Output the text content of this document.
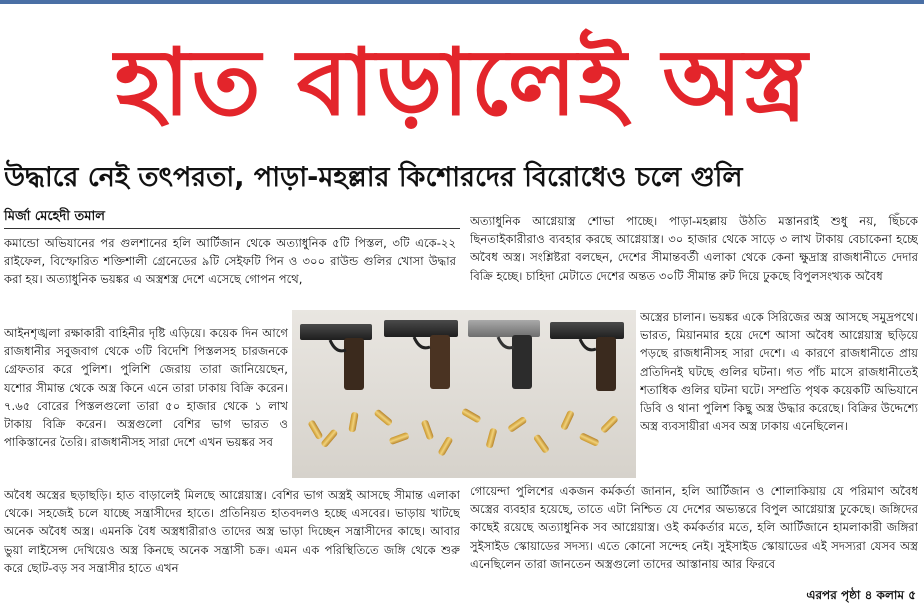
হাত বাড়ালেই অস্ত্র
উদ্ধারে নেই তৎপরতা, পাড়া-মহল্লার কিশোরদের বিরোধেও চলে গুলি
মির্জা মেহেদী তমাল
কমান্ডো অভিযানের পর গুলশানের হলি আর্টিজান থেকে অত্যাধুনিক ৫টি পিস্তল, ৩টি একে-২২ রাইফেল, বিস্ফোরিত শক্তিশালী গ্রেনেডের ৯টি সেইফটি পিন ও ৩০০ রাউন্ড গুলির খোসা উদ্ধার করা হয়। অত্যাধুনিক ভয়ঙ্কর এ অস্ত্রশস্ত্র দেশে এসেছে গোপন পথে,
আইনশৃঙ্খলা রক্ষাকারী বাহিনীর দৃষ্টি এড়িয়ে। কয়েক দিন আগে রাজধানীর সবুজবাগ থেকে ৩টি বিদেশি পিস্তলসহ চারজনকে গ্রেফতার করে পুলিশ। পুলিশি জেরায় তারা জানিয়েছেন, যশোর সীমান্ত থেকে অস্ত্র কিনে এনে তারা ঢাকায় বিক্রি করেন। ৭.৬৫ বোরের পিস্তলগুলো তারা ৫০ হাজার থেকে ১ লাখ টাকায় বিক্রি করেন। অস্ত্রগুলো বেশির ভাগ ভারত ও পাকিস্তানের তৈরি। রাজধানীসহ সারা দেশে এখন ভয়ঙ্কর সব
অবৈধ অস্ত্রের ছড়াছড়ি। হাত বাড়ালেই মিলছে আগ্নেয়াস্ত্র। বেশির ভাগ অস্ত্রই আসছে সীমান্ত এলাকা থেকে। সহজেই চলে যাচ্ছে সন্ত্রাসীদের হাতে। প্রতিনিয়ত হাতবদলও হচ্ছে এসবের। ভাড়ায় খাটছে অনেক অবৈধ অস্ত্র। এমনকি বৈধ অস্ত্রধারীরাও তাদের অস্ত্র ভাড়া দিচ্ছেন সন্ত্রাসীদের কাছে। আবার ভুয়া লাইসেন্স দেখিয়েও অস্ত্র কিনছে অনেক সন্ত্রাসী চক্র। এমন এক পরিস্থিতিতে জঙ্গি থেকে শুরু করে ছোট-বড় সব সন্ত্রাসীর হাতে এখন
অত্যাধুনিক আগ্নেয়াস্ত্র শোভা পাচ্ছে। পাড়া-মহল্লায় উঠতি মস্তানরাই শুধু নয়, ছিঁচকে ছিনতাইকারীরাও ব্যবহার করছে আগ্নেয়াস্ত্র। ৩০ হাজার থেকে সাড়ে ৩ লাখ টাকায় বেচাকেনা হচ্ছে অবৈধ অস্ত্র। সংশ্লিষ্টরা বলছেন, দেশের সীমান্তবর্তী এলাকা থেকে কেনা ক্ষুদ্রাস্ত্র রাজধানীতে দেদার বিক্রি হচ্ছে। চাহিদা মেটাতে দেশের অন্তত ৩০টি সীমান্ত রুট দিয়ে ঢুকছে বিপুলসংখ্যক অবৈধ
অস্ত্রের চালান। ভয়ঙ্কর একে সিরিজের অস্ত্র আসছে সমুদ্রপথে। ভারত, মিয়ানমার হয়ে দেশে আসা অবৈধ আগ্নেয়াস্ত্র ছড়িয়ে পড়ছে রাজধানীসহ সারা দেশে। এ কারণে রাজধানীতে প্রায় প্রতিদিনই ঘটছে গুলির ঘটনা। গত পাঁচ মাসে রাজধানীতেই শতাধিক গুলির ঘটনা ঘটে। সম্প্রতি পৃথক কয়েকটি অভিযানে ডিবি ও থানা পুলিশ কিছু অস্ত্র উদ্ধার করেছে। বিক্রির উদ্দেশ্যে অস্ত্র ব্যবসায়ীরা এসব অস্ত্র ঢাকায় এনেছিলেন।
গোয়েন্দা পুলিশের একজন কর্মকর্তা জানান, হলি আর্টিজান ও শোলাকিয়ায় যে পরিমাণ অবৈধ অস্ত্রের ব্যবহার হয়েছে, তাতে এটা নিশ্চিত যে দেশের অভ্যন্তরে বিপুল আগ্নেয়াস্ত্র ঢুকেছে। জঙ্গিদের কাছেই রয়েছে অত্যাধুনিক সব আগ্নেয়াস্ত্র। ওই কর্মকর্তার মতে, হলি আর্টিজানে হামলাকারী জঙ্গিরা সুইসাইড স্কোয়াডের সদস্য। এতে কোনো সন্দেহ নেই। সুইসাইড স্কোয়াডের এই সদস্যরা যেসব অস্ত্র এনেছিলেন তারা জানতেন অস্ত্রগুলো তাদের আস্তানায় আর ফিরবে
এরপর পৃষ্ঠা ৪ কলাম ৫
